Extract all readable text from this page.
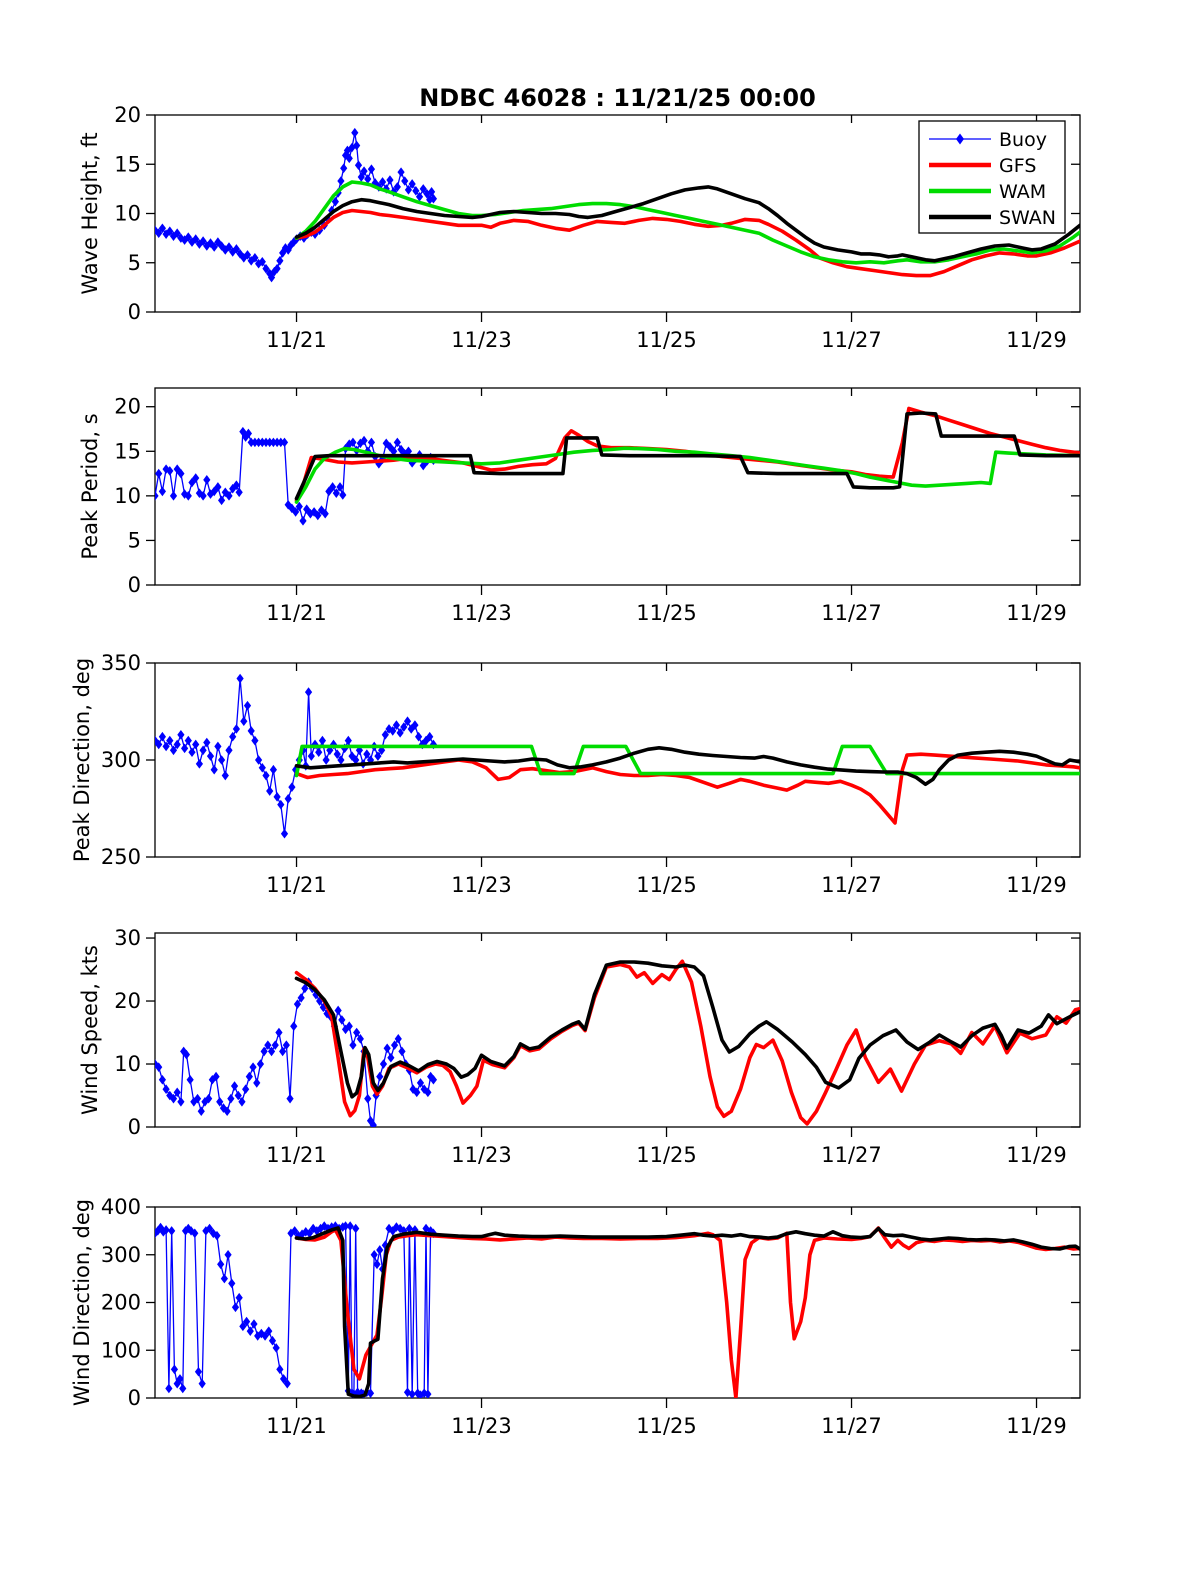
NDBC 46028 : 11/21/25 00:00
0
5
10
15
20
11/21	11/23	11/25	11/27	11/29
Wave Height, ft
0
5
10
15
20
11/21	11/23	11/25	11/27	11/29
Peak Period, s
250
300
350
11/21	11/23	11/25	11/27	11/29
Peak Direction, deg
0
10
20
30
11/21	11/23	11/25	11/27	11/29
Wind Speed, kts
0
100
200
300
400
11/21	11/23	11/25	11/27	11/29
Wind Direction, deg
Buoy
GFS
WAM
SWAN
